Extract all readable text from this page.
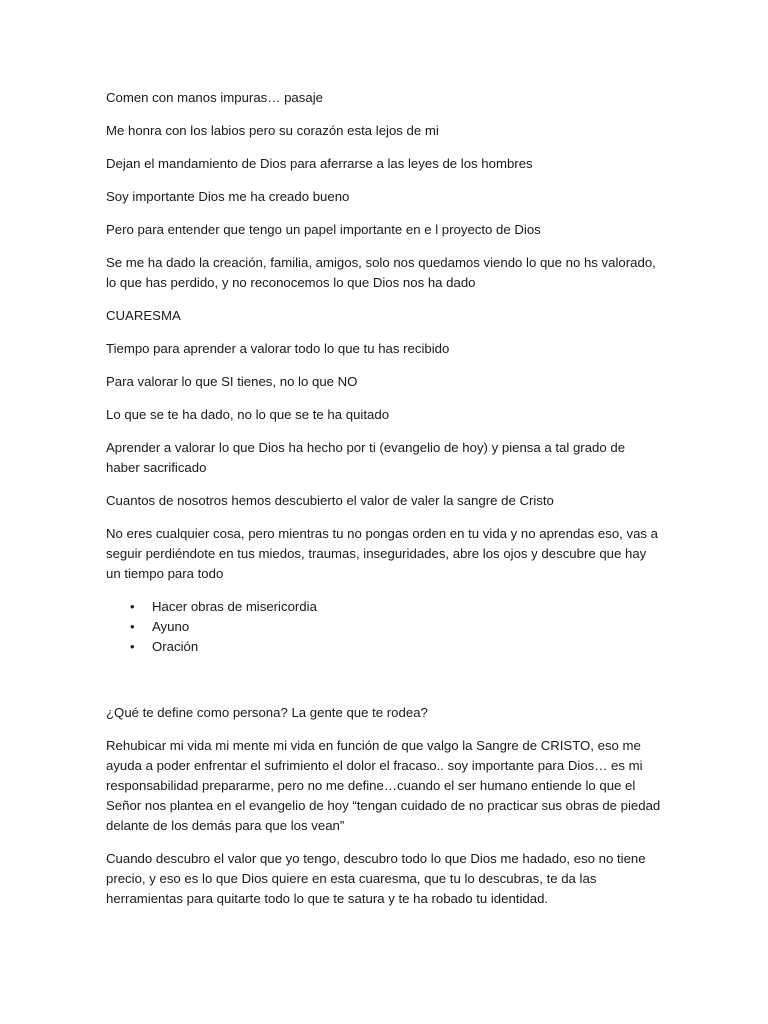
Comen con manos impuras… pasaje

Me honra con los labios pero su corazón esta lejos de mi

Dejan el mandamiento de Dios para aferrarse a las leyes de los hombres

Soy importante Dios me ha creado bueno

Pero para entender que tengo un papel importante en e l proyecto de Dios

Se me ha dado la creación, familia, amigos, solo nos quedamos viendo lo que no hs valorado, lo que has perdido, y no reconocemos lo que Dios nos ha dado

CUARESMA

Tiempo para aprender a valorar todo lo que tu has recibido

Para valorar lo que SI tienes, no lo que NO

Lo que se te ha dado, no lo que se te ha quitado

Aprender a valorar lo que Dios ha hecho por ti (evangelio de hoy) y piensa a tal grado de haber sacrificado

Cuantos de nosotros hemos descubierto el valor de valer la sangre de Cristo

No eres cualquier cosa, pero mientras tu no pongas orden en tu vida y no aprendas eso, vas a seguir perdiéndote en tus miedos, traumas, inseguridades, abre los ojos y descubre que hay un tiempo para todo

• Hacer obras de misericordia
• Ayuno
• Oración

¿Qué te define como persona? La gente que te rodea?

Rehubicar mi vida mi mente mi vida en función de que valgo la Sangre de CRISTO, eso me ayuda a poder enfrentar el sufrimiento el dolor el fracaso.. soy importante para Dios… es mi responsabilidad prepararme, pero no me define…cuando el ser humano entiende lo que el Señor nos plantea en el evangelio de hoy “tengan cuidado de no practicar sus obras de piedad delante de los demás para que los vean”

Cuando descubro el valor que yo tengo, descubro todo lo que Dios me hadado, eso no tiene precio, y eso es lo que Dios quiere en esta cuaresma, que tu lo descubras, te da las herramientas para quitarte todo lo que te satura y te ha robado tu identidad.
